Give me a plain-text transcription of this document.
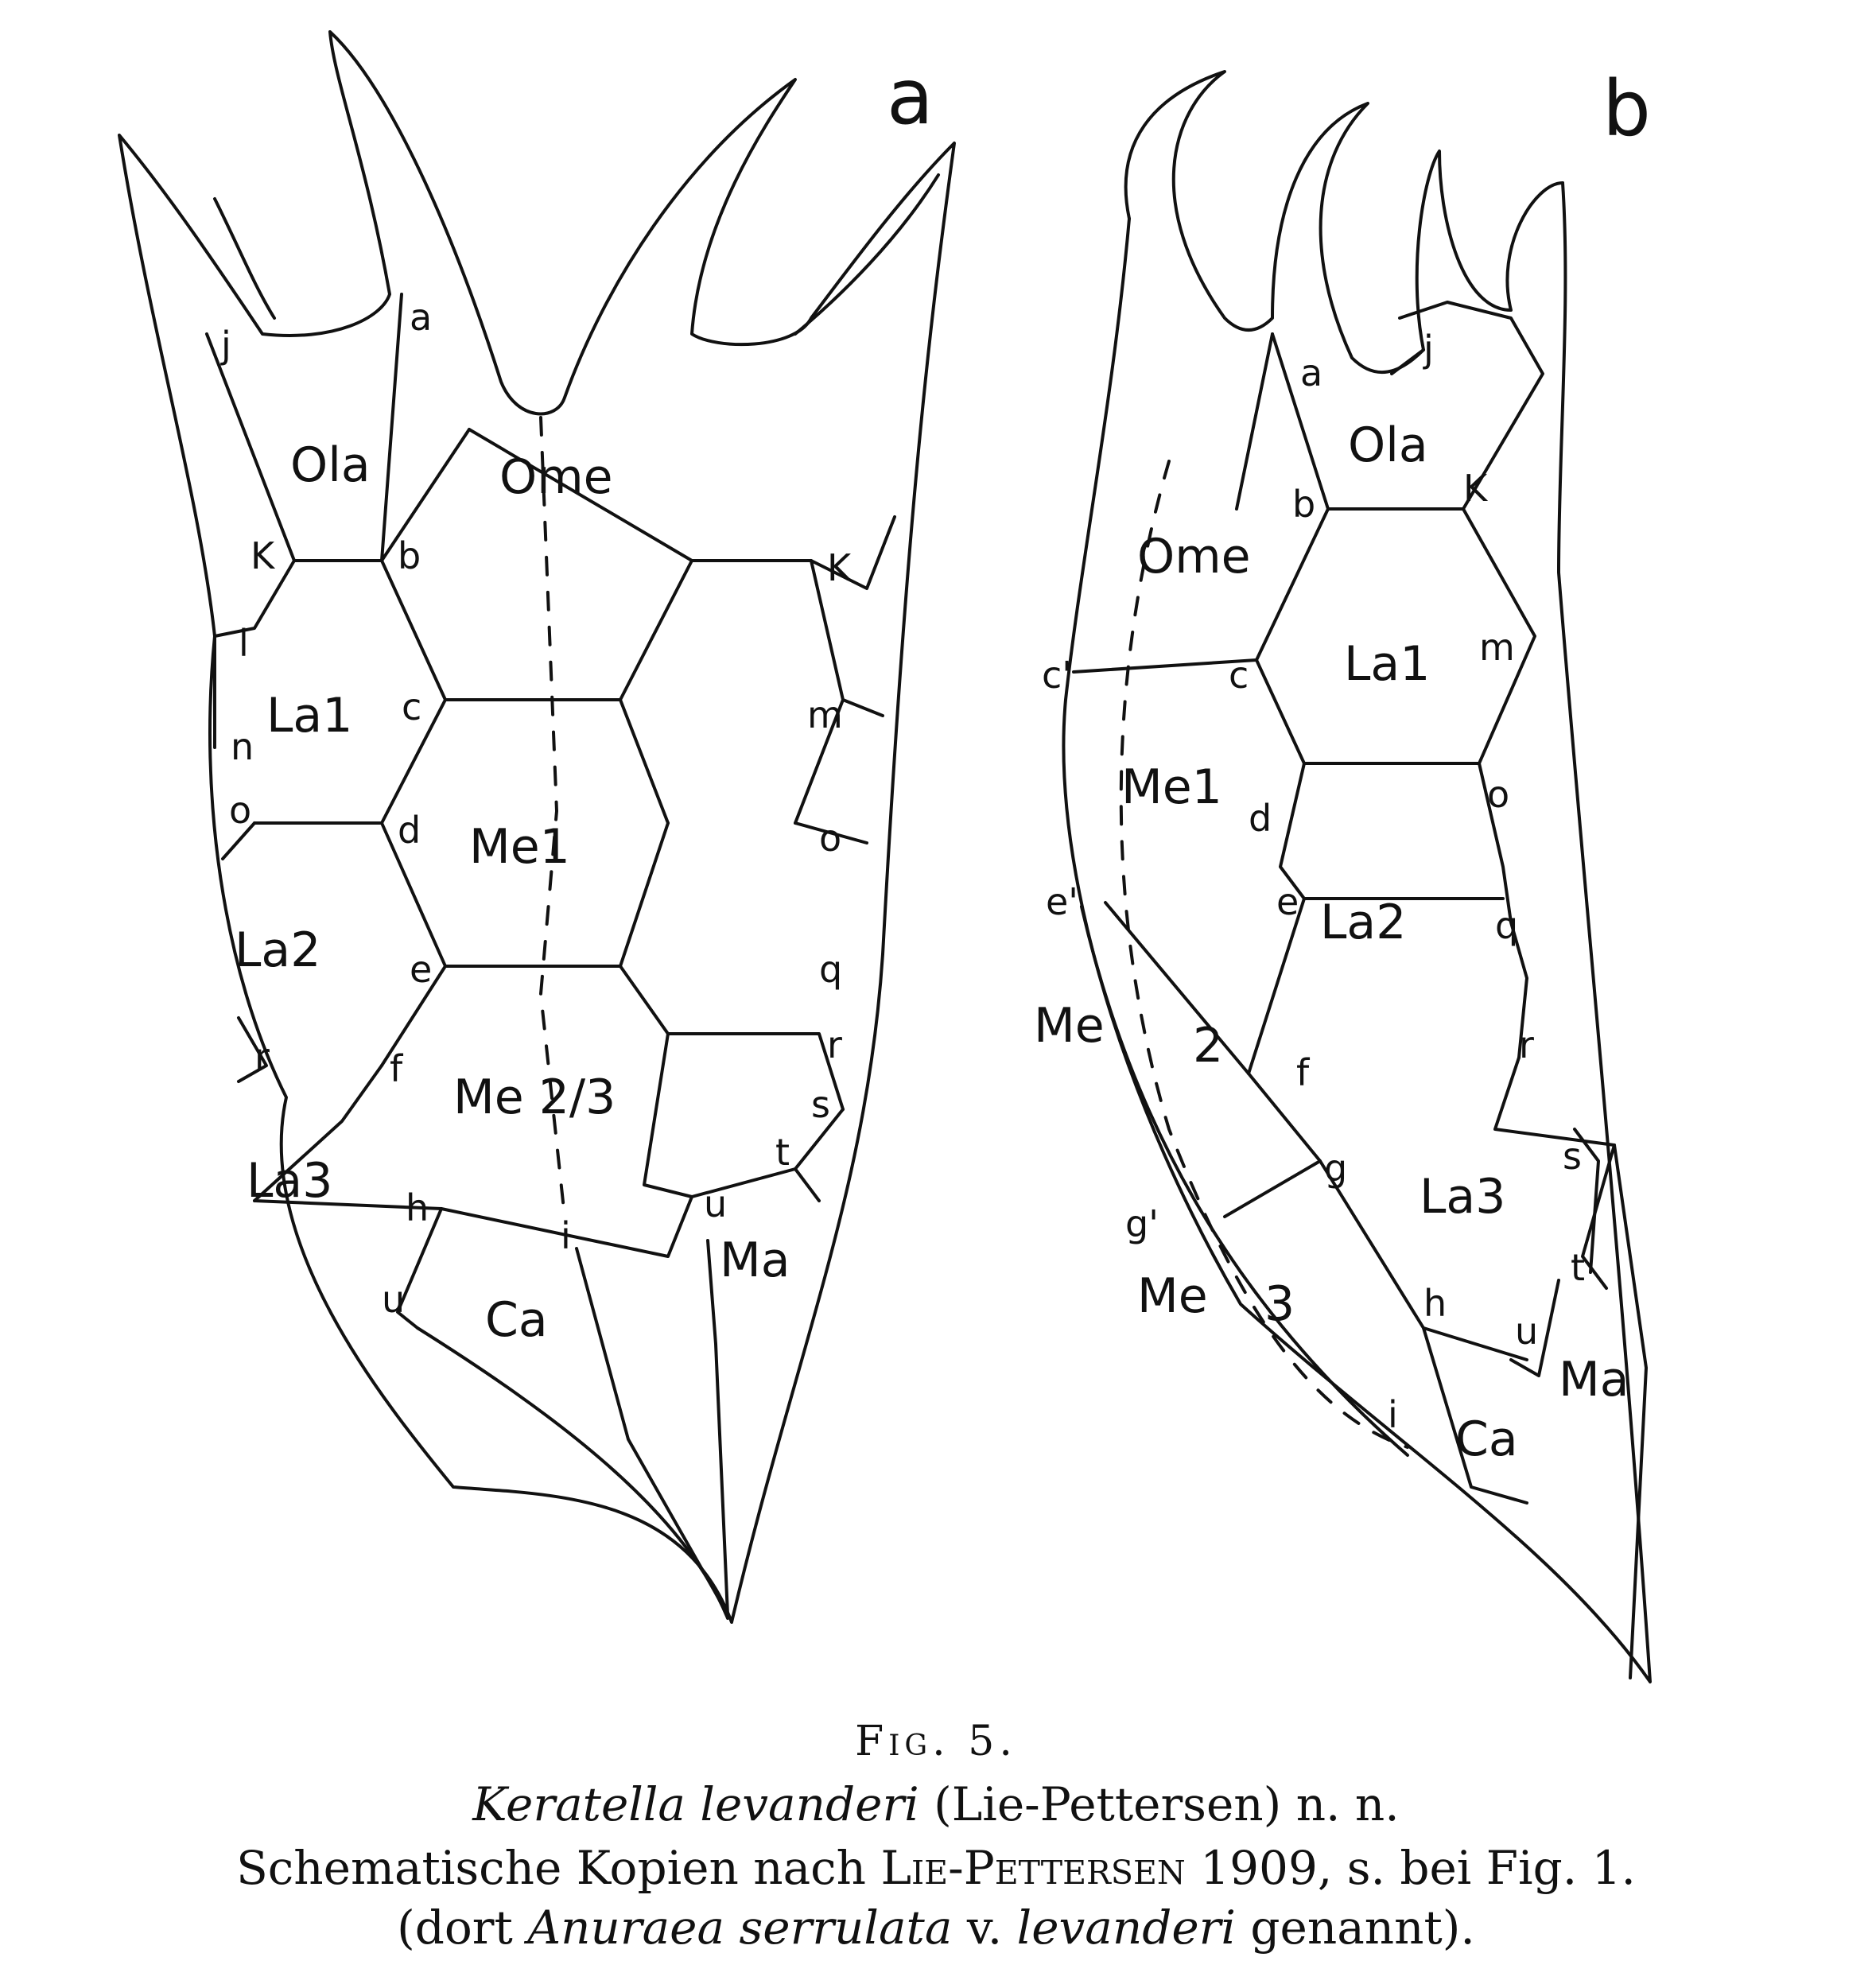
a
a
j
Ola	Ome
K	b	K
l
La1 c	m
n
o	d Me1	o
La2 e	q
r	f
Me 2/3
r
s
t
La3 h	u
i	Ma
u Ca
b
a
j
Ola
b	K
Ome
c'	c La1 m
Me1
d
o
e'	e La2 q
Me 2	r
f
g
La3
s
g'
t
Me 3	h
u
Ma
i Ca
Fig. 5.
Keratella levanderi (Lie-Pettersen) n. n.
Schematische Kopien nach Lie-Pettersen 1909, s. bei Fig. 1.
(dort Anuraea serrulata v. levanderi genannt).
